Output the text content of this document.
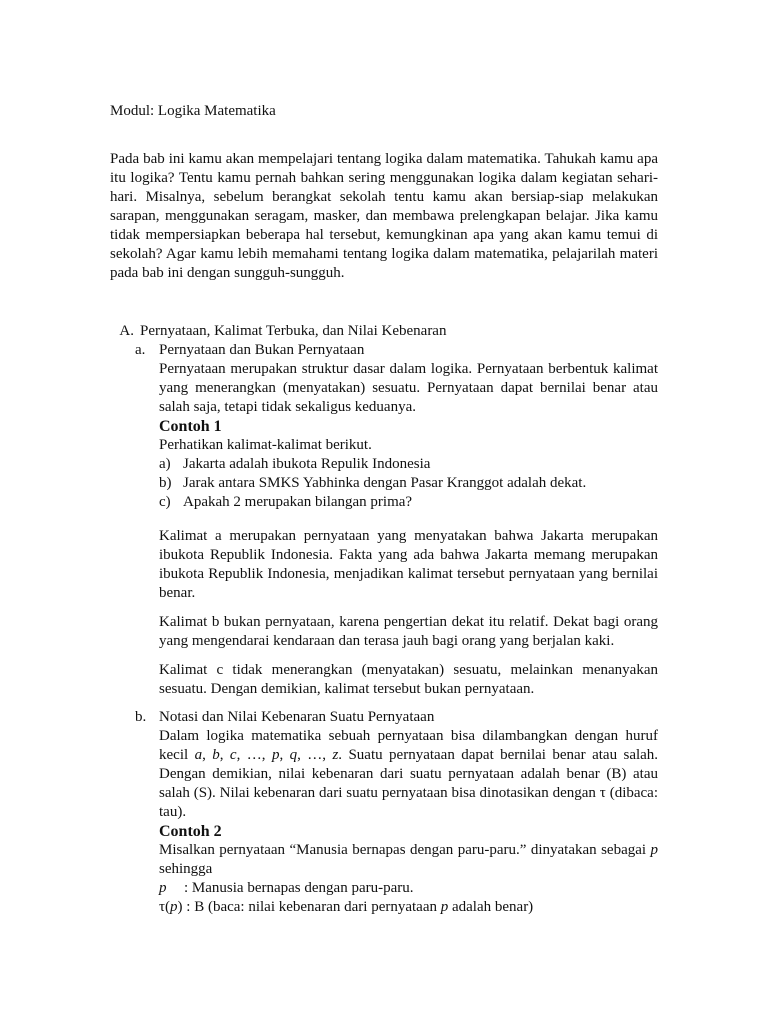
Modul: Logika Matematika

Pada bab ini kamu akan mempelajari tentang logika dalam matematika. Tahukah kamu apa itu logika? Tentu kamu pernah bahkan sering menggunakan logika dalam kegiatan sehari-hari. Misalnya, sebelum berangkat sekolah tentu kamu akan bersiap-siap melakukan sarapan, menggunakan seragam, masker, dan membawa prelengkapan belajar. Jika kamu tidak mempersiapkan beberapa hal tersebut, kemungkinan apa yang akan kamu temui di sekolah? Agar kamu lebih memahami tentang logika dalam matematika, pelajarilah materi pada bab ini dengan sungguh-sungguh.

A. Pernyataan, Kalimat Terbuka, dan Nilai Kebenaran
a. Pernyataan dan Bukan Pernyataan

Pernyataan merupakan struktur dasar dalam logika. Pernyataan berbentuk kalimat yang menerangkan (menyatakan) sesuatu. Pernyataan dapat bernilai benar atau salah saja, tetapi tidak sekaligus keduanya.

Contoh 1

Perhatikan kalimat-kalimat berikut.

a) Jakarta adalah ibukota Repulik Indonesia
b) Jarak antara SMKS Yabhinka dengan Pasar Kranggot adalah dekat.
c) Apakah 2 merupakan bilangan prima?

Kalimat a merupakan pernyataan yang menyatakan bahwa Jakarta merupakan ibukota Republik Indonesia. Fakta yang ada bahwa Jakarta memang merupakan ibukota Republik Indonesia, menjadikan kalimat tersebut pernyataan yang bernilai benar.

Kalimat b bukan pernyataan, karena pengertian dekat itu relatif. Dekat bagi orang yang mengendarai kendaraan dan terasa jauh bagi orang yang berjalan kaki.

Kalimat c tidak menerangkan (menyatakan) sesuatu, melainkan menanyakan sesuatu. Dengan demikian, kalimat tersebut bukan pernyataan.

b. Notasi dan Nilai Kebenaran Suatu Pernyataan

Dalam logika matematika sebuah pernyataan bisa dilambangkan dengan huruf kecil a, b, c, …, p, q, …, z. Suatu pernyataan dapat bernilai benar atau salah. Dengan demikian, nilai kebenaran dari suatu pernyataan adalah benar (B) atau salah (S). Nilai kebenaran dari suatu pernyataan bisa dinotasikan dengan τ (dibaca: tau).

Contoh 2

Misalkan pernyataan “Manusia bernapas dengan paru-paru.” dinyatakan sebagai p sehingga

p	: Manusia bernapas dengan paru-paru.
τ(p) : B (baca: nilai kebenaran dari pernyataan p adalah benar)
